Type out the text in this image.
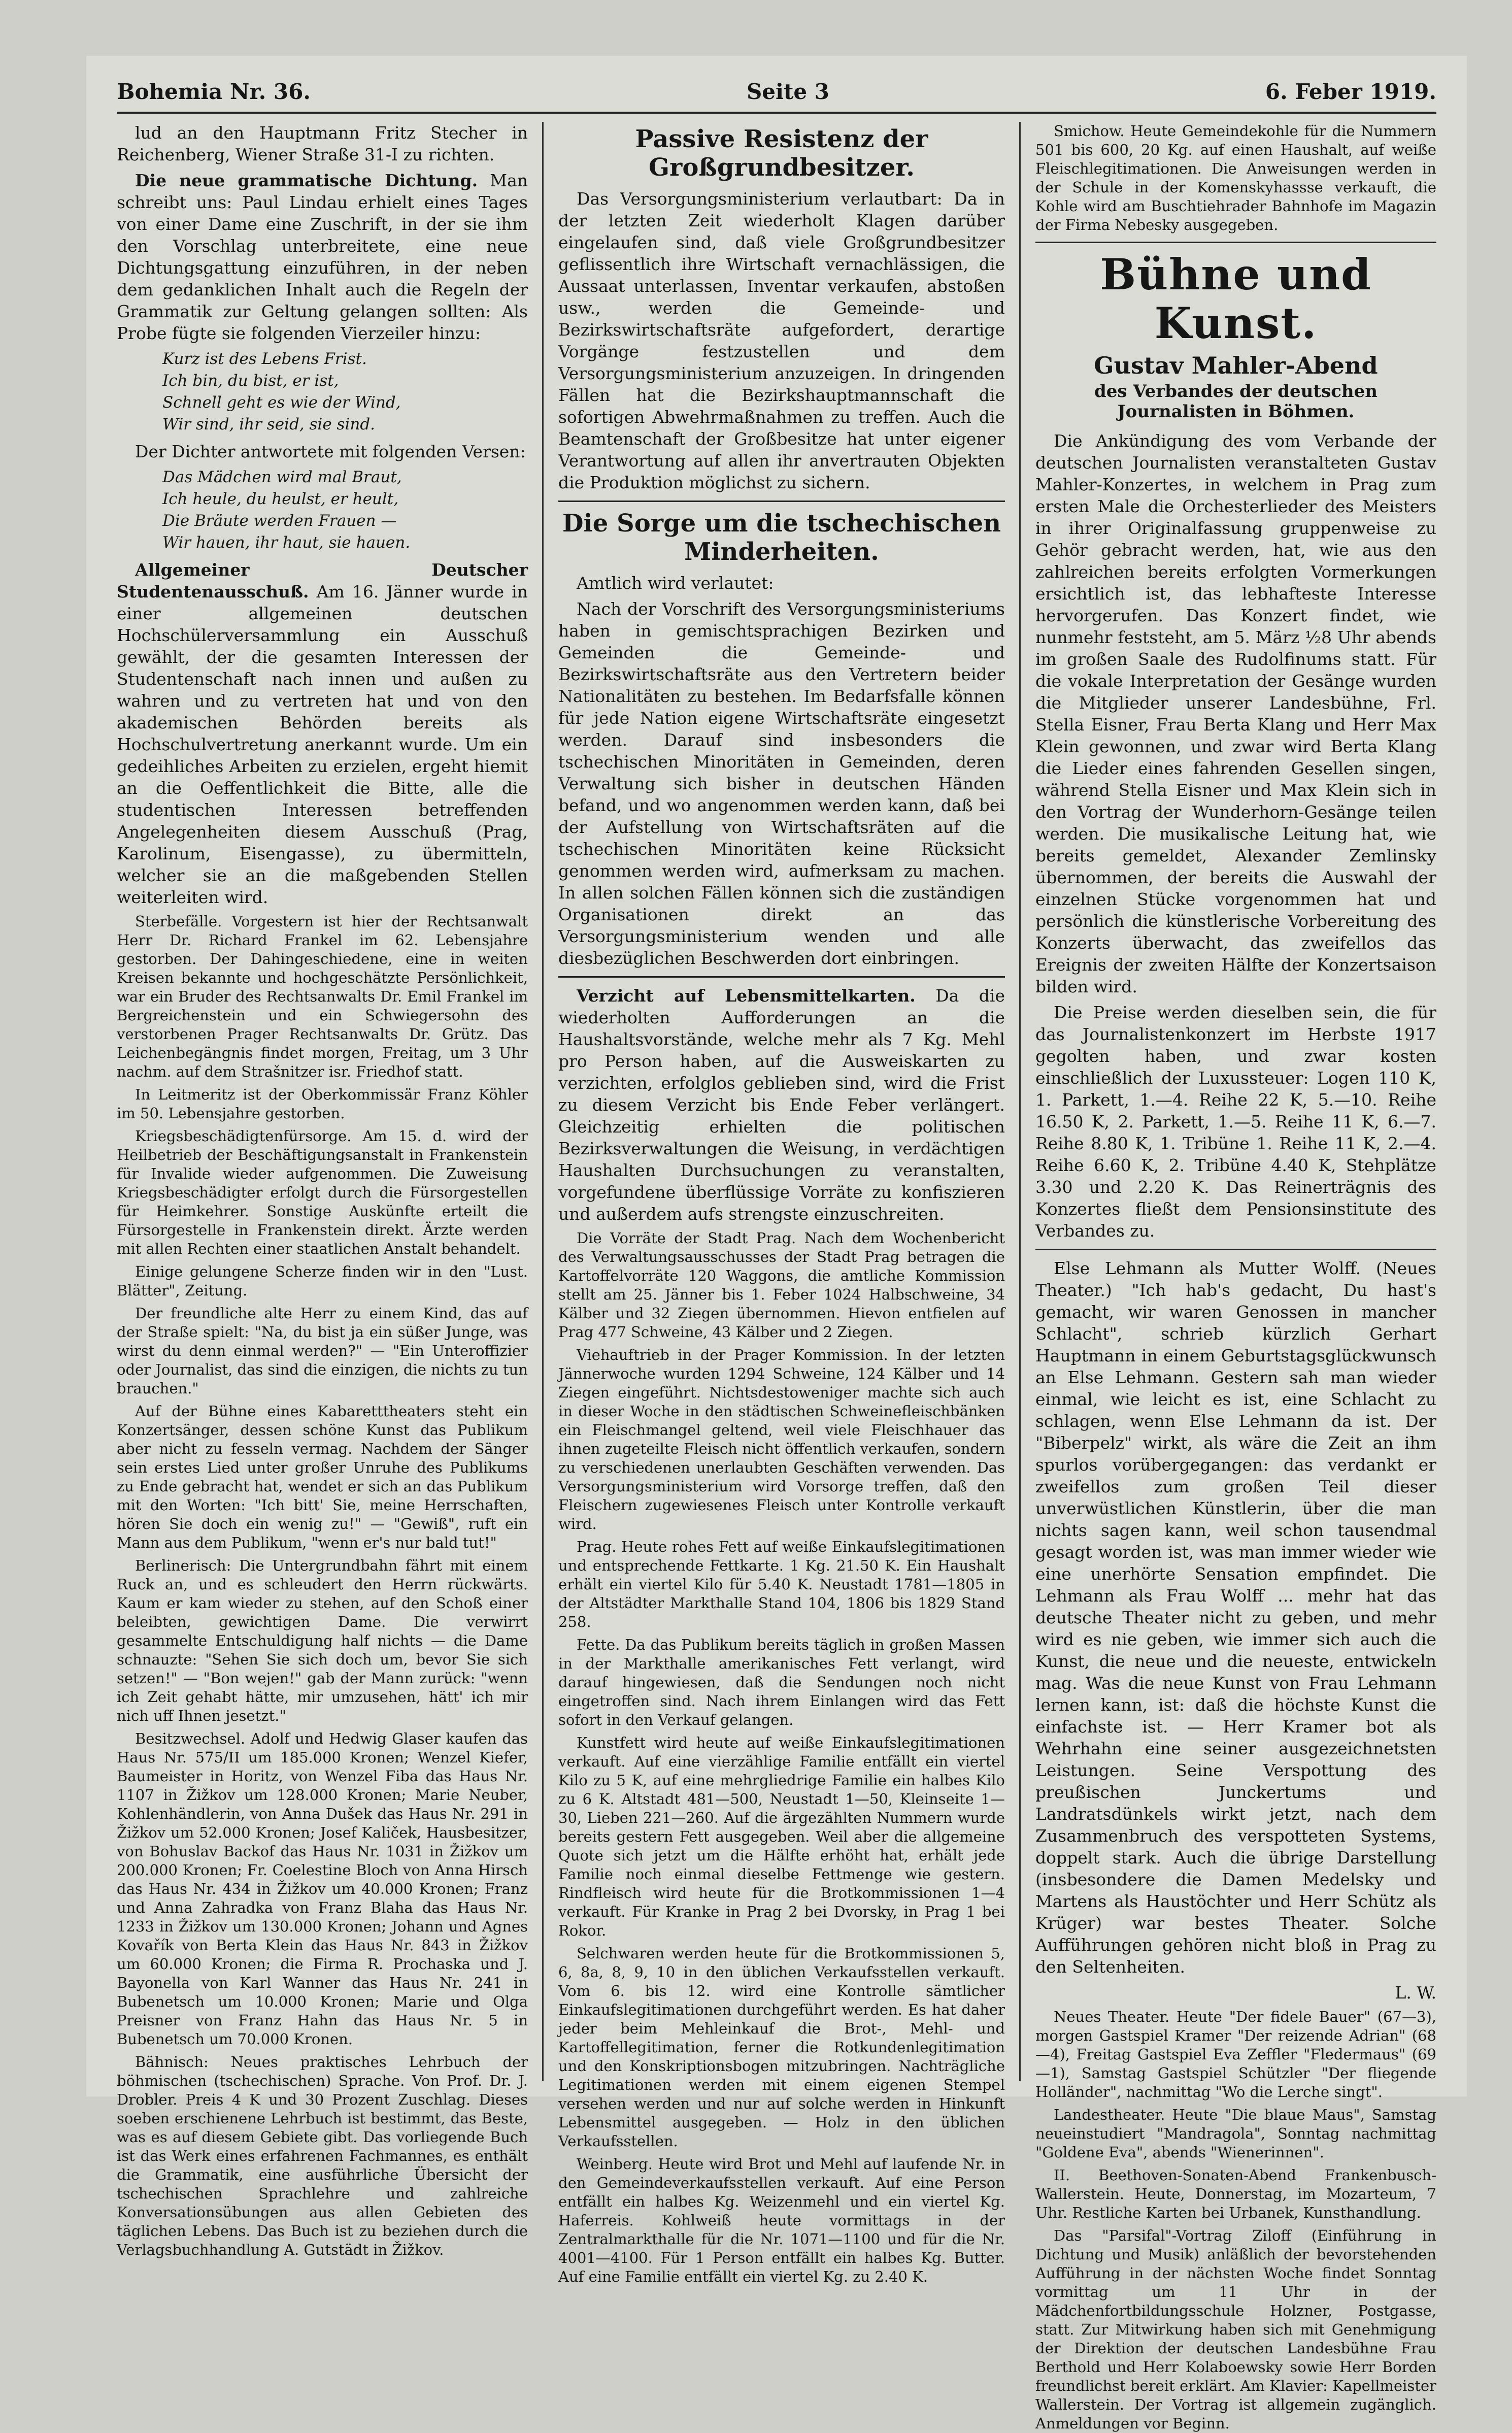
Bohemia Nr. 36.	Seite 3	6. Feber 1919.

lud an den Hauptmann Fritz Stecher in Reichenberg, Wiener Straße 31-I zu richten.

Die neue grammatische Dichtung. Man schreibt uns: Paul Lindau erhielt eines Tages von einer Dame eine Zuschrift, in der sie ihm den Vorschlag unterbreitete, eine neue Dichtungsgattung einzuführen, in der neben dem gedanklichen Inhalt auch die Regeln der Grammatik zur Geltung gelangen sollten: Als Probe fügte sie folgenden Vierzeiler hinzu:

Kurz ist des Lebens Frist.
Ich bin, du bist, er ist,
Schnell geht es wie der Wind,
Wir sind, ihr seid, sie sind.

Der Dichter antwortete mit folgenden Versen:

Das Mädchen wird mal Braut,
Ich heule, du heulst, er heult,
Die Bräute werden Frauen —
Wir hauen, ihr haut, sie hauen.

Allgemeiner Deutscher Studentenausschuß. Am 16. Jänner wurde in einer allgemeinen deutschen Hochschülerversammlung ein Ausschuß gewählt, der die gesamten Interessen der Studentenschaft nach innen und außen zu wahren und zu vertreten hat und von den akademischen Behörden bereits als Hochschulvertretung anerkannt wurde. Um ein gedeihliches Arbeiten zu erzielen, ergeht hiemit an die Oeffentlichkeit die Bitte, alle die studentischen Interessen betreffenden Angelegenheiten diesem Ausschuß (Prag, Karolinum, Eisengasse), zu übermitteln, welcher sie an die maßgebenden Stellen weiterleiten wird.

Sterbefälle. Vorgestern ist hier der Rechtsanwalt Herr Dr. Richard Frankel im 62. Lebensjahre gestorben. Der Dahingeschiedene, eine in weiten Kreisen bekannte und hochgeschätzte Persönlichkeit, war ein Bruder des Rechtsanwalts Dr. Emil Frankel im Bergreichenstein und ein Schwiegersohn des verstorbenen Prager Rechtsanwalts Dr. Grütz. Das Leichenbegängnis findet morgen, Freitag, um 3 Uhr nachm. auf dem Strašnitzer isr. Friedhof statt.

In Leitmeritz ist der Oberkommissär Franz Köhler im 50. Lebensjahre gestorben.

Kriegsbeschädigtenfürsorge. Am 15. d. wird der Heilbetrieb der Beschäftigungsanstalt in Frankenstein für Invalide wieder aufgenommen. Die Zuweisung Kriegsbeschädigter erfolgt durch die Fürsorgestellen für Heimkehrer. Sonstige Auskünfte erteilt die Fürsorgestelle in Frankenstein direkt. Ärzte werden mit allen Rechten einer staatlichen Anstalt behandelt.

Einige gelungene Scherze finden wir in den "Lust. Blätter", Zeitung.

Der freundliche alte Herr zu einem Kind, das auf der Straße spielt: "Na, du bist ja ein süßer Junge, was wirst du denn einmal werden?" — "Ein Unteroffizier oder Journalist, das sind die einzigen, die nichts zu tun brauchen."

Auf der Bühne eines Kabaretttheaters steht ein Konzertsänger, dessen schöne Kunst das Publikum aber nicht zu fesseln vermag. Nachdem der Sänger sein erstes Lied unter großer Unruhe des Publikums zu Ende gebracht hat, wendet er sich an das Publikum mit den Worten: "Ich bitt' Sie, meine Herrschaften, hören Sie doch ein wenig zu!" — "Gewiß", ruft ein Mann aus dem Publikum, "wenn er's nur bald tut!"

Berlinerisch: Die Untergrundbahn fährt mit einem Ruck an, und es schleudert den Herrn rückwärts. Kaum er kam wieder zu stehen, auf den Schoß einer beleibten, gewichtigen Dame. Die verwirrt gesammelte Entschuldigung half nichts — die Dame schnauzte: "Sehen Sie sich doch um, bevor Sie sich setzen!" — "Bon wejen!" gab der Mann zurück: "wenn ich Zeit gehabt hätte, mir umzusehen, hätt' ich mir nich uff Ihnen jesetzt."

Besitzwechsel. Adolf und Hedwig Glaser kaufen das Haus Nr. 575/II um 185.000 Kronen; Wenzel Kiefer, Baumeister in Horitz, von Wenzel Fiba das Haus Nr. 1107 in Žižkov um 128.000 Kronen; Marie Neuber, Kohlenhändlerin, von Anna Dušek das Haus Nr. 291 in Žižkov um 52.000 Kronen; Josef Kaliček, Hausbesitzer, von Bohuslav Backof das Haus Nr. 1031 in Žižkov um 200.000 Kronen; Fr. Coelestine Bloch von Anna Hirsch das Haus Nr. 434 in Žižkov um 40.000 Kronen; Franz und Anna Zahradka von Franz Blaha das Haus Nr. 1233 in Žižkov um 130.000 Kronen; Johann und Agnes Kovařík von Berta Klein das Haus Nr. 843 in Žižkov um 60.000 Kronen; die Firma R. Prochaska und J. Bayonella von Karl Wanner das Haus Nr. 241 in Bubenetsch um 10.000 Kronen; Marie und Olga Preisner von Franz Hahn das Haus Nr. 5 in Bubenetsch um 70.000 Kronen.

Bähnisch: Neues praktisches Lehrbuch der böhmischen (tschechischen) Sprache. Von Prof. Dr. J. Drobler. Preis 4 K und 30 Prozent Zuschlag. Dieses soeben erschienene Lehrbuch ist bestimmt, das Beste, was es auf diesem Gebiete gibt. Das vorliegende Buch ist das Werk eines erfahrenen Fachmannes, es enthält die Grammatik, eine ausführliche Übersicht der tschechischen Sprachlehre und zahlreiche Konversationsübungen aus allen Gebieten des täglichen Lebens. Das Buch ist zu beziehen durch die Verlagsbuchhandlung A. Gutstädt in Žižkov.

Passive Resistenz der Großgrundbesitzer.

Das Versorgungsministerium verlautbart: Da in der letzten Zeit wiederholt Klagen darüber eingelaufen sind, daß viele Großgrundbesitzer geflissentlich ihre Wirtschaft vernachlässigen, die Aussaat unterlassen, Inventar verkaufen, abstoßen usw., werden die Gemeinde- und Bezirkswirtschaftsräte aufgefordert, derartige Vorgänge festzustellen und dem Versorgungsministerium anzuzeigen. In dringenden Fällen hat die Bezirkshauptmannschaft die sofortigen Abwehrmaßnahmen zu treffen. Auch die Beamtenschaft der Großbesitze hat unter eigener Verantwortung auf allen ihr anvertrauten Objekten die Produktion möglichst zu sichern.

Die Sorge um die tschechischen Minderheiten.

Amtlich wird verlautet:

Nach der Vorschrift des Versorgungsministeriums haben in gemischtsprachigen Bezirken und Gemeinden die Gemeinde- und Bezirkswirtschaftsräte aus den Vertretern beider Nationalitäten zu bestehen. Im Bedarfsfalle können für jede Nation eigene Wirtschaftsräte eingesetzt werden. Darauf sind insbesonders die tschechischen Minoritäten in Gemeinden, deren Verwaltung sich bisher in deutschen Händen befand, und wo angenommen werden kann, daß bei der Aufstellung von Wirtschaftsräten auf die tschechischen Minoritäten keine Rücksicht genommen werden wird, aufmerksam zu machen. In allen solchen Fällen können sich die zuständigen Organisationen direkt an das Versorgungsministerium wenden und alle diesbezüglichen Beschwerden dort einbringen.

Verzicht auf Lebensmittelkarten. Da die wiederholten Aufforderungen an die Haushaltsvorstände, welche mehr als 7 Kg. Mehl pro Person haben, auf die Ausweiskarten zu verzichten, erfolglos geblieben sind, wird die Frist zu diesem Verzicht bis Ende Feber verlängert. Gleichzeitig erhielten die politischen Bezirksverwaltungen die Weisung, in verdächtigen Haushalten Durchsuchungen zu veranstalten, vorgefundene überflüssige Vorräte zu konfiszieren und außerdem aufs strengste einzuschreiten.

Die Vorräte der Stadt Prag. Nach dem Wochenbericht des Verwaltungsausschusses der Stadt Prag betragen die Kartoffelvorräte 120 Waggons, die amtliche Kommission stellt am 25. Jänner bis 1. Feber 1024 Halbschweine, 34 Kälber und 32 Ziegen übernommen. Hievon entfielen auf Prag 477 Schweine, 43 Kälber und 2 Ziegen.

Viehauftrieb in der Prager Kommission. In der letzten Jännerwoche wurden 1294 Schweine, 124 Kälber und 14 Ziegen eingeführt. Nichtsdestoweniger machte sich auch in dieser Woche in den städtischen Schweinefleischbänken ein Fleischmangel geltend, weil viele Fleischhauer das ihnen zugeteilte Fleisch nicht öffentlich verkaufen, sondern zu verschiedenen unerlaubten Geschäften verwenden. Das Versorgungsministerium wird Vorsorge treffen, daß den Fleischern zugewiesenes Fleisch unter Kontrolle verkauft wird.

Prag. Heute rohes Fett auf weiße Einkaufslegitimationen und entsprechende Fettkarte. 1 Kg. 21.50 K. Ein Haushalt erhält ein viertel Kilo für 5.40 K. Neustadt 1781—1805 in der Altstädter Markthalle Stand 104, 1806 bis 1829 Stand 258.

Fette. Da das Publikum bereits täglich in großen Massen in der Markthalle amerikanisches Fett verlangt, wird darauf hingewiesen, daß die Sendungen noch nicht eingetroffen sind. Nach ihrem Einlangen wird das Fett sofort in den Verkauf gelangen.

Kunstfett wird heute auf weiße Einkaufslegitimationen verkauft. Auf eine vierzählige Familie entfällt ein viertel Kilo zu 5 K, auf eine mehrgliedrige Familie ein halbes Kilo zu 6 K. Altstadt 481—500, Neustadt 1—50, Kleinseite 1—30, Lieben 221—260. Auf die ärgezählten Nummern wurde bereits gestern Fett ausgegeben. Weil aber die allgemeine Quote sich jetzt um die Hälfte erhöht hat, erhält jede Familie noch einmal dieselbe Fettmenge wie gestern. Rindfleisch wird heute für die Brotkommissionen 1—4 verkauft. Für Kranke in Prag 2 bei Dvorsky, in Prag 1 bei Rokor.

Selchwaren werden heute für die Brotkommissionen 5, 6, 8a, 8, 9, 10 in den üblichen Verkaufsstellen verkauft. Vom 6. bis 12. wird eine Kontrolle sämtlicher Einkaufslegitimationen durchgeführt werden. Es hat daher jeder beim Mehleinkauf die Brot-, Mehl- und Kartoffellegitimation, ferner die Rotkundenlegitimation und den Konskriptionsbogen mitzubringen. Nachträgliche Legitimationen werden mit einem eigenen Stempel versehen werden und nur auf solche werden in Hinkunft Lebensmittel ausgegeben. — Holz in den üblichen Verkaufsstellen.

Weinberg. Heute wird Brot und Mehl auf laufende Nr. in den Gemeindeverkaufsstellen verkauft. Auf eine Person entfällt ein halbes Kg. Weizenmehl und ein viertel Kg. Haferreis. Kohlweiß heute vormittags in der Zentralmarkthalle für die Nr. 1071—1100 und für die Nr. 4001—4100. Für 1 Person entfällt ein halbes Kg. Butter. Auf eine Familie entfällt ein viertel Kg. zu 2.40 K.

Smichow. Heute Gemeindekohle für die Nummern 501 bis 600, 20 Kg. auf einen Haushalt, auf weiße Fleischlegitimationen. Die Anweisungen werden in der Schule in der Komenskyhassse verkauft, die Kohle wird am Buschtiehrader Bahnhofe im Magazin der Firma Nebesky ausgegeben.

Bühne und Kunst.
Gustav Mahler-Abend
des Verbandes der deutschen Journalisten in Böhmen.

Die Ankündigung des vom Verbande der deutschen Journalisten veranstalteten Gustav Mahler-Konzertes, in welchem in Prag zum ersten Male die Orchesterlieder des Meisters in ihrer Originalfassung gruppenweise zu Gehör gebracht werden, hat, wie aus den zahlreichen bereits erfolgten Vormerkungen ersichtlich ist, das lebhafteste Interesse hervorgerufen. Das Konzert findet, wie nunmehr feststeht, am 5. März ½8 Uhr abends im großen Saale des Rudolfinums statt. Für die vokale Interpretation der Gesänge wurden die Mitglieder unserer Landesbühne, Frl. Stella Eisner, Frau Berta Klang und Herr Max Klein gewonnen, und zwar wird Berta Klang die Lieder eines fahrenden Gesellen singen, während Stella Eisner und Max Klein sich in den Vortrag der Wunderhorn-Gesänge teilen werden. Die musikalische Leitung hat, wie bereits gemeldet, Alexander Zemlinsky übernommen, der bereits die Auswahl der einzelnen Stücke vorgenommen hat und persönlich die künstlerische Vorbereitung des Konzerts überwacht, das zweifellos das Ereignis der zweiten Hälfte der Konzertsaison bilden wird.

Die Preise werden dieselben sein, die für das Journalistenkonzert im Herbste 1917 gegolten haben, und zwar kosten einschließlich der Luxussteuer: Logen 110 K, 1. Parkett, 1.—4. Reihe 22 K, 5.—10. Reihe 16.50 K, 2. Parkett, 1.—5. Reihe 11 K, 6.—7. Reihe 8.80 K, 1. Tribüne 1. Reihe 11 K, 2.—4. Reihe 6.60 K, 2. Tribüne 4.40 K, Stehplätze 3.30 und 2.20 K. Das Reinerträgnis des Konzertes fließt dem Pensionsinstitute des Verbandes zu.

Else Lehmann als Mutter Wolff. (Neues Theater.) "Ich hab's gedacht, Du hast's gemacht, wir waren Genossen in mancher Schlacht", schrieb kürzlich Gerhart Hauptmann in einem Geburtstagsglückwunsch an Else Lehmann. Gestern sah man wieder einmal, wie leicht es ist, eine Schlacht zu schlagen, wenn Else Lehmann da ist. Der "Biberpelz" wirkt, als wäre die Zeit an ihm spurlos vorübergegangen: das verdankt er zweifellos zum großen Teil dieser unverwüstlichen Künstlerin, über die man nichts sagen kann, weil schon tausendmal gesagt worden ist, was man immer wieder wie eine unerhörte Sensation empfindet. Die Lehmann als Frau Wolff ... mehr hat das deutsche Theater nicht zu geben, und mehr wird es nie geben, wie immer sich auch die Kunst, die neue und die neueste, entwickeln mag. Was die neue Kunst von Frau Lehmann lernen kann, ist: daß die höchste Kunst die einfachste ist. — Herr Kramer bot als Wehrhahn eine seiner ausgezeichnetsten Leistungen. Seine Verspottung des preußischen Junckertums und Landratsdünkels wirkt jetzt, nach dem Zusammenbruch des verspotteten Systems, doppelt stark. Auch die übrige Darstellung (insbesondere die Damen Medelsky und Martens als Haustöchter und Herr Schütz als Krüger) war bestes Theater. Solche Aufführungen gehören nicht bloß in Prag zu den Seltenheiten.

L. W.

Neues Theater. Heute "Der fidele Bauer" (67—3), morgen Gastspiel Kramer "Der reizende Adrian" (68—4), Freitag Gastspiel Eva Zeffler "Fledermaus" (69—1), Samstag Gastspiel Schützler "Der fliegende Holländer", nachmittag "Wo die Lerche singt".

Landestheater. Heute "Die blaue Maus", Samstag neueinstudiert "Mandragola", Sonntag nachmittag "Goldene Eva", abends "Wienerinnen".

II. Beethoven-Sonaten-Abend Frankenbusch-Wallerstein. Heute, Donnerstag, im Mozarteum, 7 Uhr. Restliche Karten bei Urbanek, Kunsthandlung.

Das "Parsifal"-Vortrag Ziloff (Einführung in Dichtung und Musik) anläßlich der bevorstehenden Aufführung in der nächsten Woche findet Sonntag vormittag um 11 Uhr in der Mädchenfortbildungsschule Holzner, Postgasse, statt. Zur Mitwirkung haben sich mit Genehmigung der Direktion der deutschen Landesbühne Frau Berthold und Herr Kolaboewsky sowie Herr Borden freundlichst bereit erklärt. Am Klavier: Kapellmeister Wallerstein. Der Vortrag ist allgemein zugänglich. Anmeldungen vor Beginn.
